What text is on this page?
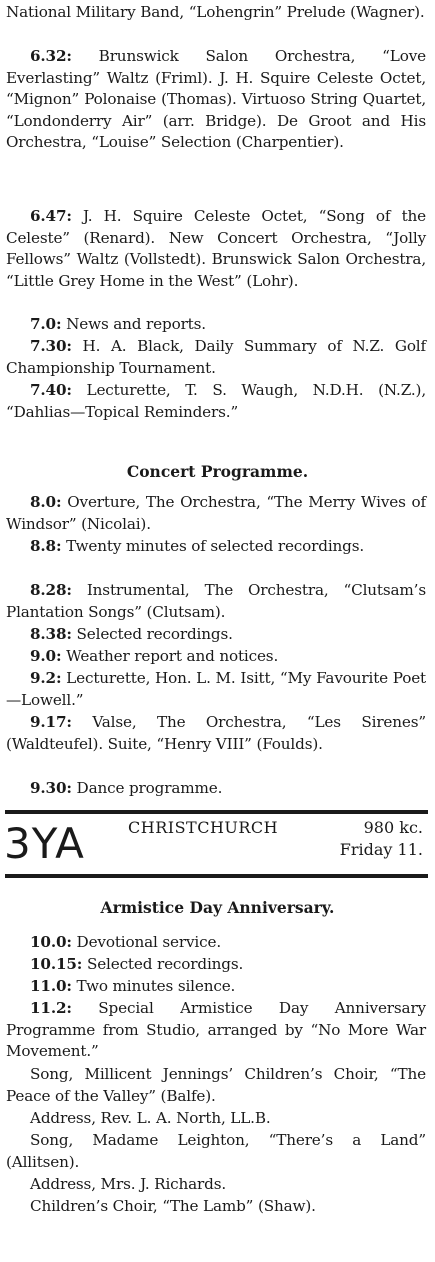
National Military Band, “Lohengrin” Prelude (Wagner).

6.32: Brunswick Salon Orchestra, “Love Everlasting” Waltz (Friml). J. H. Squire Celeste Octet, “Mignon” Polonaise (Thomas). Virtuoso String Quartet, “Londonderry Air” (arr. Bridge). De Groot and His Orchestra, “Louise” Selection (Charpentier).

6.47: J. H. Squire Celeste Octet, “Song of the Celeste” (Renard). New Concert Orchestra, “Jolly Fellows” Waltz (Vollstedt). Brunswick Salon Orchestra, “Little Grey Home in the West” (Lohr).

7.0: News and reports.

7.30: H. A. Black, Daily Summary of N.Z. Golf Championship Tournament.

7.40: Lecturette, T. S. Waugh, N.D.H. (N.Z.), “Dahlias—Topical Reminders.”

Concert Programme.

8.0: Overture, The Orchestra, “The Merry Wives of Windsor” (Nicolai).

8.8: Twenty minutes of selected recordings.

8.28: Instrumental, The Orchestra, “Clutsam’s Plantation Songs” (Clutsam).

8.38: Selected recordings.

9.0: Weather report and notices.

9.2: Lecturette, Hon. L. M. Isitt, “My Favourite Poet—Lowell.”

9.17: Valse, The Orchestra, “Les Sirenes” (Waldteufel). Suite, “Henry VIII” (Foulds).

9.30: Dance programme.

3YA	CHRISTCHURCH	980 kc.
Friday 11.
Armistice Day Anniversary.

10.0: Devotional service.

10.15: Selected recordings.

11.0: Two minutes silence.

11.2: Special Armistice Day Anniversary Programme from Studio, arranged by “No More War Movement.”

Song, Millicent Jennings’ Children’s Choir, “The Peace of the Valley” (Balfe).

Address, Rev. L. A. North, LL.B.

Song, Madame Leighton, “There’s a Land” (Allitsen).

Address, Mrs. J. Richards.

Children’s Choir, “The Lamb” (Shaw).
